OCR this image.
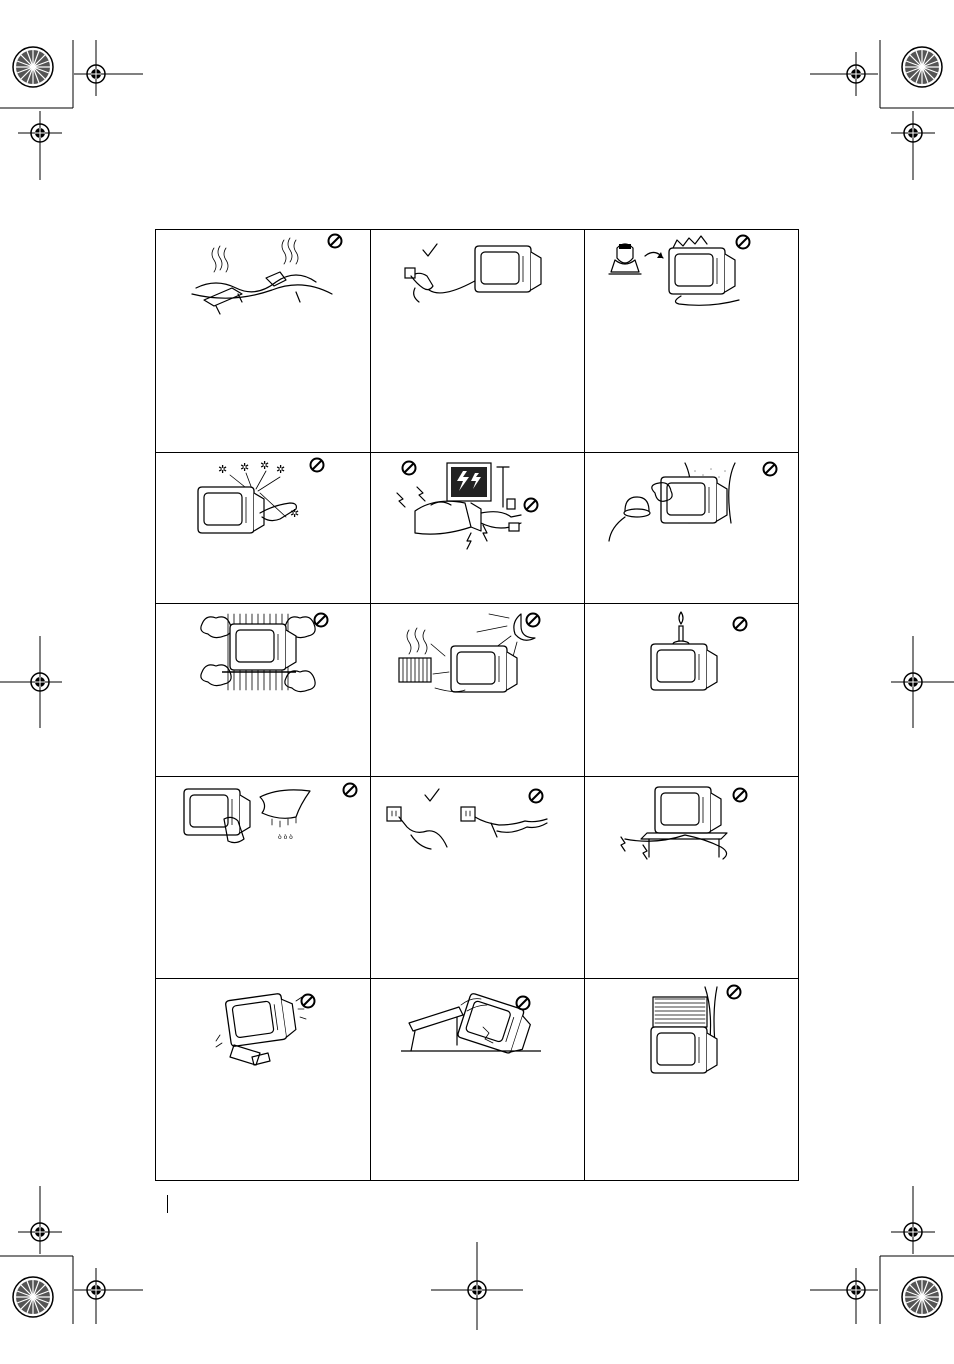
✲ ✲ ✲ ✲
✲
ò ò ò
